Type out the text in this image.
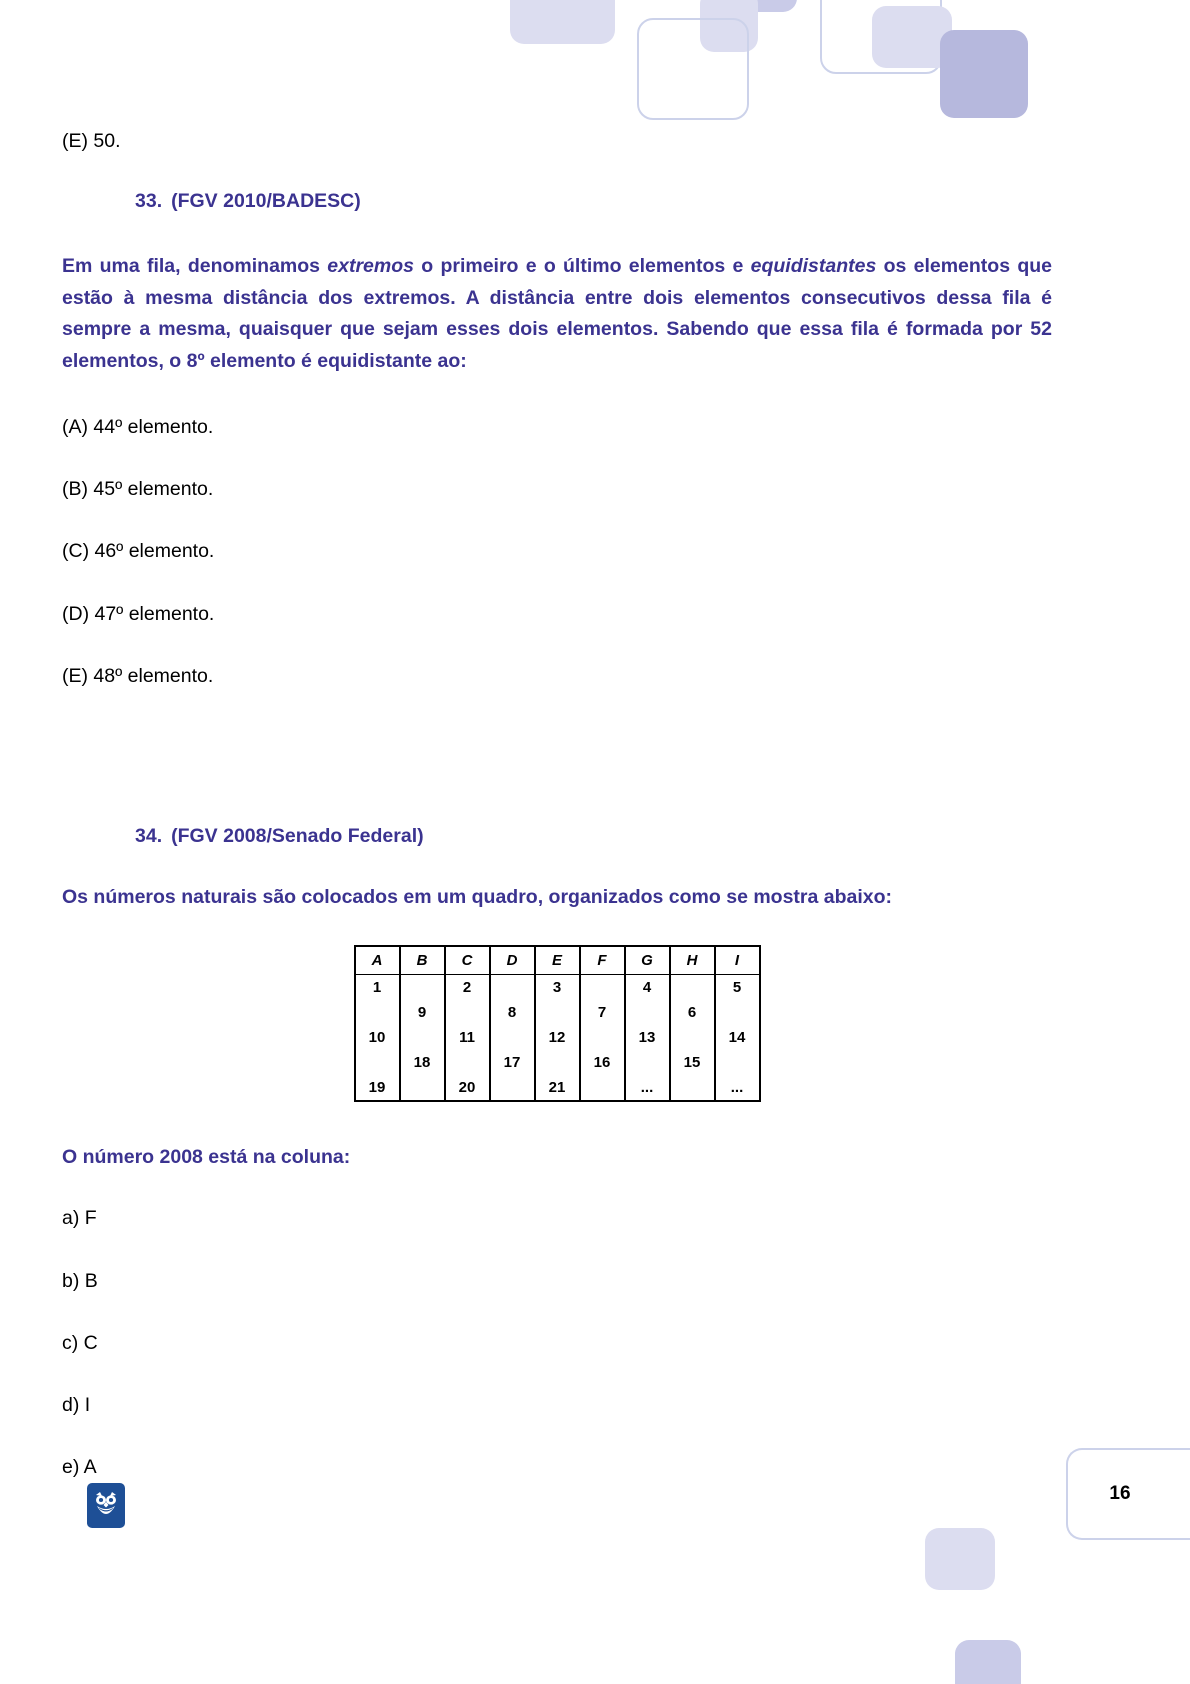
(E) 50.

33. (FGV 2010/BADESC)

Em uma fila, denominamos extremos o primeiro e o último elementos e equidistantes os elementos que estão à mesma distância dos extremos. A distância entre dois elementos consecutivos dessa fila é sempre a mesma, quaisquer que sejam esses dois elementos. Sabendo que essa fila é formada por 52 elementos, o 8º elemento é equidistante ao:

(A) 44º elemento.

(B) 45º elemento.

(C) 46º elemento.

(D) 47º elemento.

(E) 48º elemento.

34. (FGV 2008/Senado Federal)

Os números naturais são colocados em um quadro, organizados como se mostra abaixo:

A	B	C	D	E	F	G	H	I
1		2		3		4		5
	9		8		7		6	
10		11		12		13		14
	18		17		16		15	
19		20		21		...		...

O número 2008 está na coluna:

a) F

b) B

c) C

d) I

e) A

16
